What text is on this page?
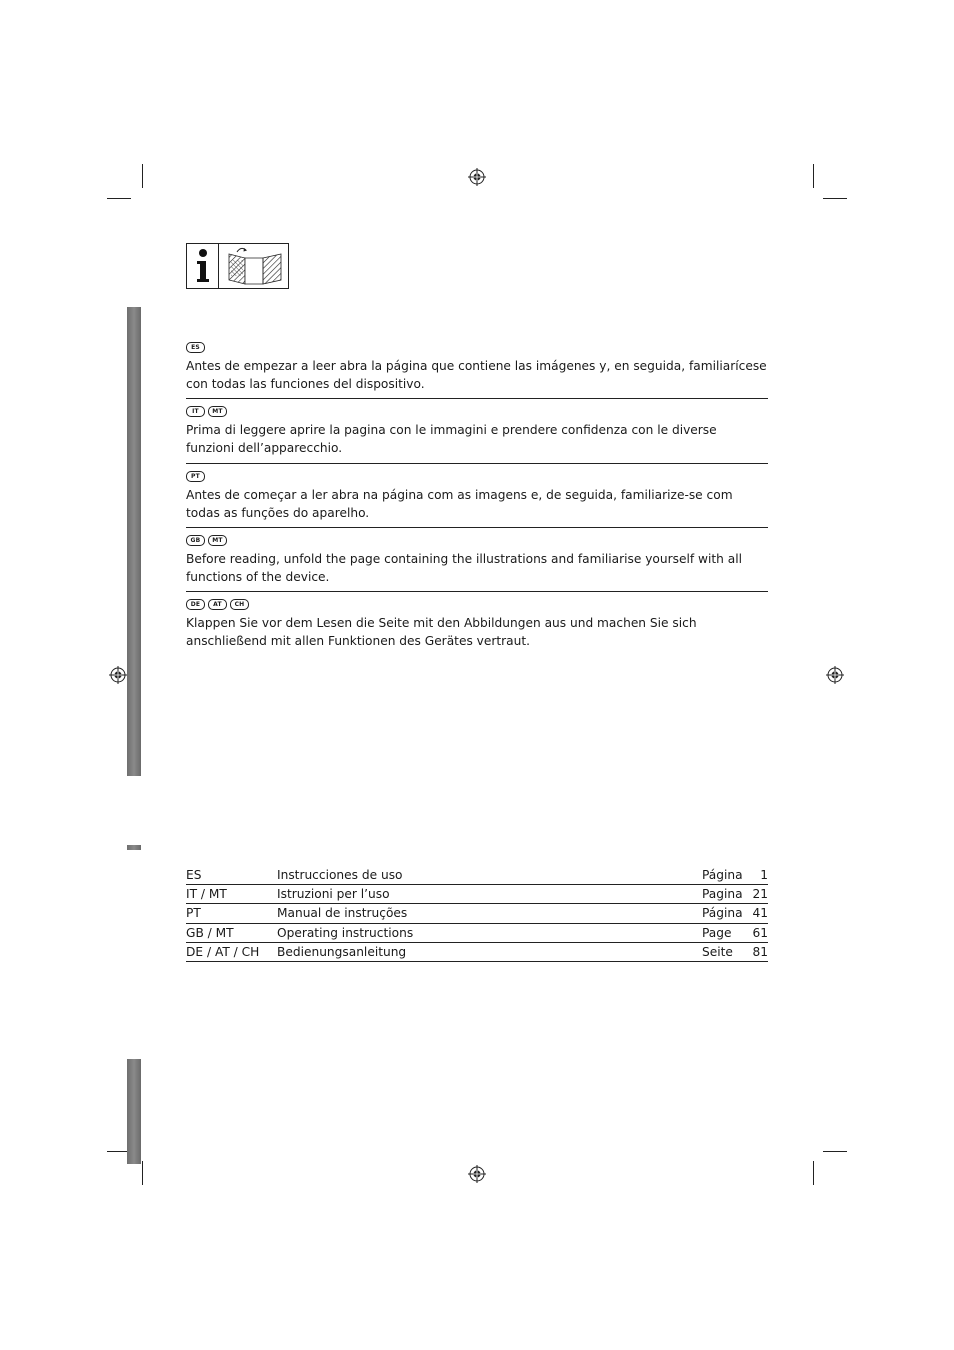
ES
Antes de empezar a leer abra la página que contiene las imágenes y, en seguida, familiarícese con todas las funciones del dispositivo.
IT	MT
Prima di leggere aprire la pagina con le immagini e prendere confidenza con le diverse funzioni dell’apparecchio.
PT
Antes de começar a ler abra na página com as imagens e, de seguida, familiarize-se com todas as funções do aparelho.
GB	MT
Before reading, unfold the page containing the illustrations and familiarise yourself with all functions of the device.
DE	AT	CH
Klappen Sie vor dem Lesen die Seite mit den Abbildungen aus und machen Sie sich anschließend mit allen Funktionen des Gerätes vertraut.
ES	Instrucciones de uso	Página	1
IT / MT	Istruzioni per l’uso	Pagina 21
PT	Manual de instruções	Página 41
GB / MT	Operating instructions	Page	61
DE / AT / CH	Bedienungsanleitung	Seite	81
